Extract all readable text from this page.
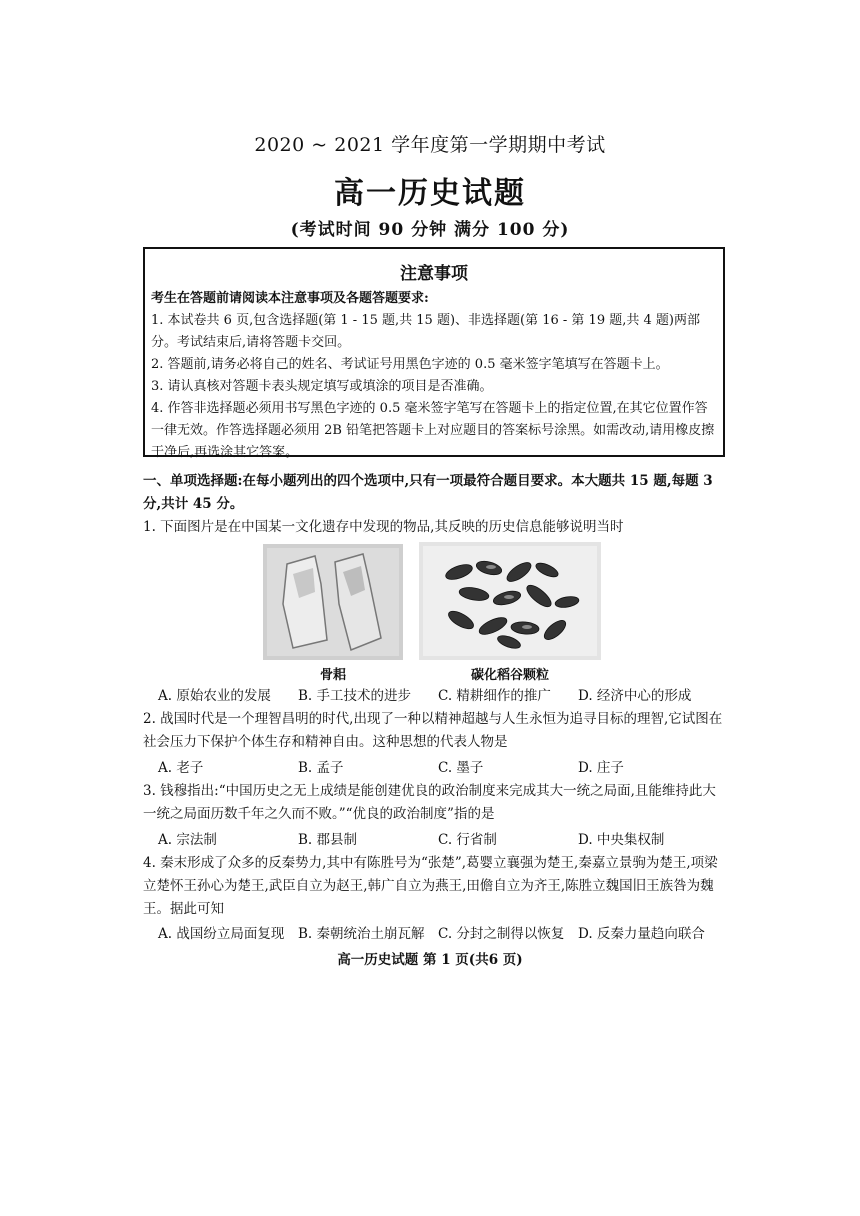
2020 ~ 2021 学年度第一学期期中考试
高一历史试题
(考试时间 90 分钟 满分 100 分)
注意事项
考生在答题前请阅读本注意事项及各题答题要求:
1. 本试卷共 6 页,包含选择题(第 1 - 15 题,共 15 题)、非选择题(第 16 - 第 19 题,共 4 题)两部分。考试结束后,请将答题卡交回。
2. 答题前,请务必将自己的姓名、考试证号用黑色字迹的 0.5 毫米签字笔填写在答题卡上。
3. 请认真核对答题卡表头规定填写或填涂的项目是否准确。
4. 作答非选择题必须用书写黑色字迹的 0.5 毫米签字笔写在答题卡上的指定位置,在其它位置作答一律无效。作答选择题必须用 2B 铅笔把答题卡上对应题目的答案标号涂黑。如需改动,请用橡皮擦干净后,再选涂其它答案。
一、单项选择题:在每小题列出的四个选项中,只有一项最符合题目要求。本大题共 15 题,每题 3 分,共计 45 分。
1. 下面图片是在中国某一文化遗存中发现的物品,其反映的历史信息能够说明当时
骨耜	碳化稻谷颗粒
A. 原始农业的发展	B. 手工技术的进步	C. 精耕细作的推广	D. 经济中心的形成
2. 战国时代是一个理智昌明的时代,出现了一种以精神超越与人生永恒为追寻目标的理智,它试图在社会压力下保护个体生存和精神自由。这种思想的代表人物是
A. 老子	B. 孟子	C. 墨子	D. 庄子
3. 钱穆指出:“中国历史之无上成绩是能创建优良的政治制度来完成其大一统之局面,且能维持此大一统之局面历数千年之久而不败。”“优良的政治制度”指的是
A. 宗法制	B. 郡县制	C. 行省制	D. 中央集权制
4. 秦末形成了众多的反秦势力,其中有陈胜号为“张楚”,葛婴立襄强为楚王,秦嘉立景驹为楚王,项梁立楚怀王孙心为楚王,武臣自立为赵王,韩广自立为燕王,田儋自立为齐王,陈胜立魏国旧王族咎为魏王。据此可知
A. 战国纷立局面复现	B. 秦朝统治土崩瓦解 C. 分封之制得以恢复	D. 反秦力量趋向联合
高一历史试题 第 1 页(共6 页)
